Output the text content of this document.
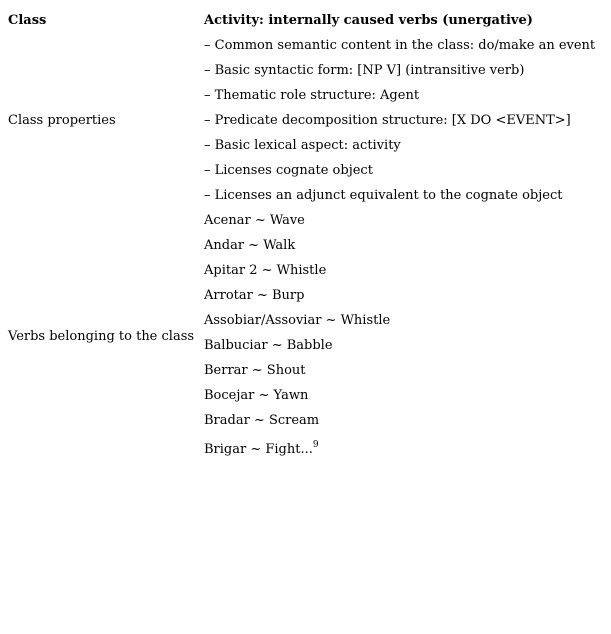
Class	Activity: internally caused verbs (unergative)
Class properties
– Common semantic content in the class: do/make an event
– Basic syntactic form: [NP V] (intransitive verb)
– Thematic role structure: Agent
– Predicate decomposition structure: [X DO <EVENT>]
– Basic lexical aspect: activity
– Licenses cognate object
– Licenses an adjunct equivalent to the cognate object
Verbs belonging to the class
Acenar ~ Wave
Andar ~ Walk
Apitar 2 ~ Whistle
Arrotar ~ Burp
Assobiar/Assoviar ~ Whistle
Balbuciar ~ Babble
Berrar ~ Shout
Bocejar ~ Yawn
Bradar ~ Scream
Brigar ~ Fight...$^9$
